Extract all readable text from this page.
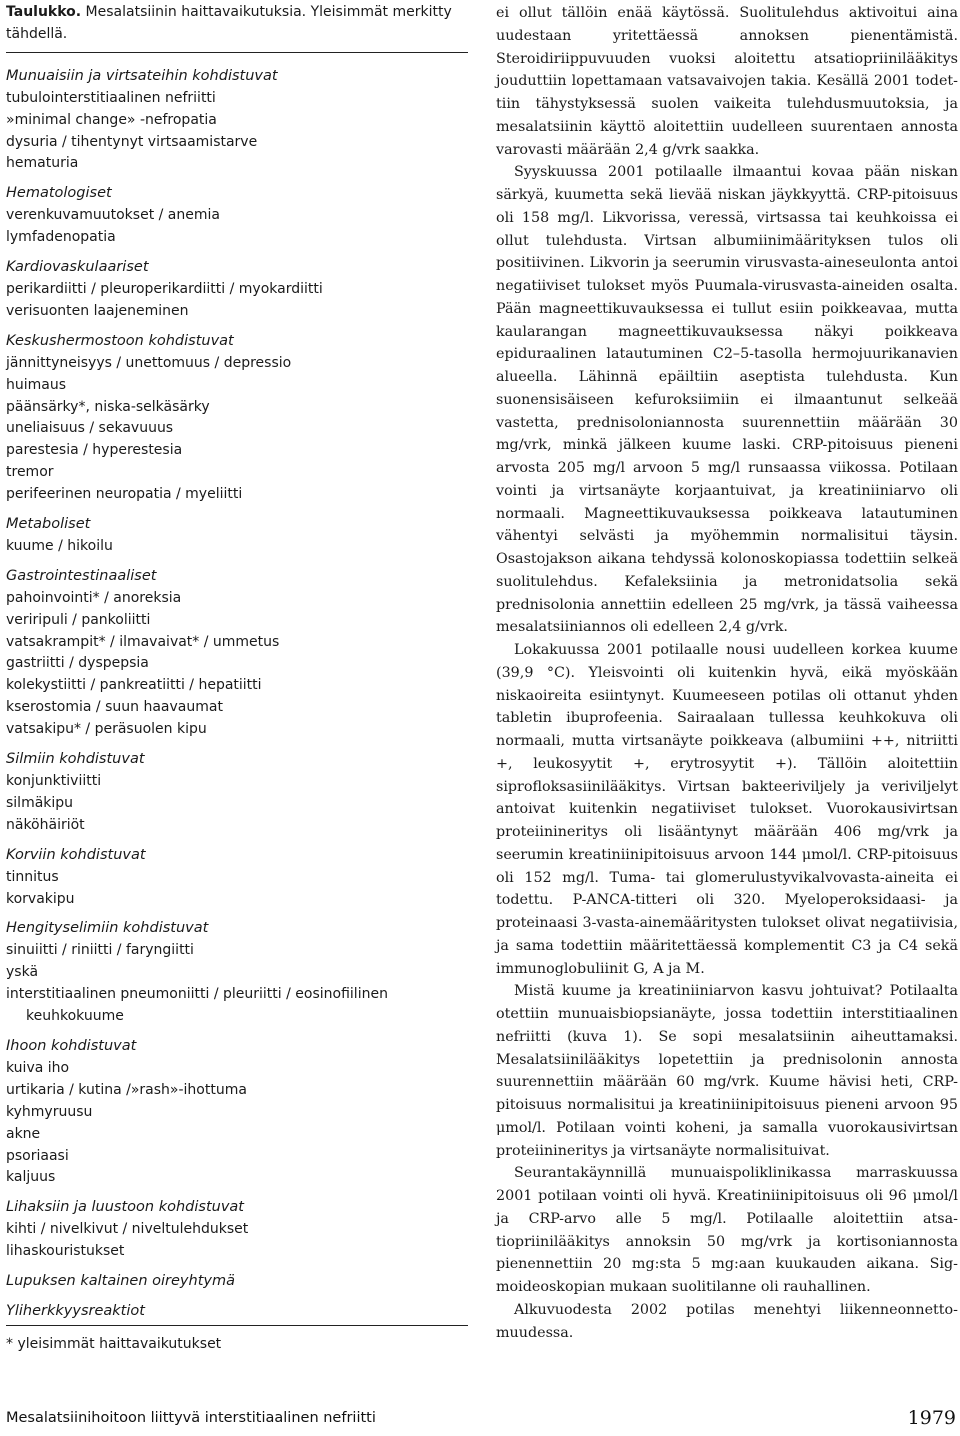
Taulukko. Mesalatsiinin haittavaikutuksia. Yleisimmät merkitty tähdellä.
Munuaisiin ja virtsateihin kohdistuvat
tubulointerstitiaalinen nefriitti
»minimal change» -nefropatia
dysuria / tihentynyt virtsaamistarve
hematuria
Hematologiset
verenkuvamuutokset / anemia
lymfadenopatia
Kardiovaskulaariset
perikardiitti / pleuroperikardiitti / myokardiitti
verisuonten laajeneminen
Keskushermostoon kohdistuvat
jännittyneisyys / unettomuus / depressio
huimaus
päänsärky*, niska-selkäsärky
uneliaisuus / sekavuuus
parestesia / hyperestesia
tremor
perifeerinen neuropatia / myeliitti
Metaboliset
kuume / hikoilu
Gastrointestinaaliset
pahoinvointi* / anoreksia
veriripuli / pankoliitti
vatsakrampit* / ilmavaivat* / ummetus
gastriitti / dyspepsia
kolekystiitti / pankreatiitti / hepatiitti
kserostomia / suun haavaumat
vatsakipu* / peräsuolen kipu
Silmiin kohdistuvat
konjunktiviitti
silmäkipu
näköhäiriöt
Korviin kohdistuvat
tinnitus
korvakipu
Hengityselimiin kohdistuvat
sinuiitti / riniitti / faryngiitti
yskä
interstitiaalinen pneumoniitti / pleuriitti / eosinofiilinen
keuhkokuume
Ihoon kohdistuvat
kuiva iho
urtikaria / kutina /»rash»-ihottuma
kyhmyruusu
akne
psoriaasi
kaljuus
Lihaksiin ja luustoon kohdistuvat
kihti / nivelkivut / niveltulehdukset
lihaskouristukset
Lupuksen kaltainen oireyhtymä
Yliherkkyysreaktiot
* yleisimmät haittavaikutukset

ei ollut tällöin enää käytössä. Suolitulehdus aktivoitui aina uudestaan yritettäessä annoksen pienentämistä. Steroidiriippuvuuden vuoksi aloitettu atsatiopriinilääkitys jouduttiin lopettamaan vatsavaivojen takia. Kesällä 2001 todettiin tähystyksessä suolen vaikeita tulehdusmuutoksia, ja mesalatsiinin käyttö aloitettiin uudelleen suurentaen annosta varovasti määrään 2,4 g/vrk saakka.

Syyskuussa 2001 potilaalle ilmaantui kovaa pään niskan särkyä, kuumetta sekä lievää niskan jäykkyyttä. CRP-pitoisuus oli 158 mg/l. Likvorissa, veressä, virtsassa tai keuhkoissa ei ollut tulehdusta. Virtsan albumiinimäärityksen tulos oli positiivinen. Likvorin ja seerumin virusvasta-aineseulonta antoi negatiiviset tulokset myös Puumala-virusvasta-aineiden osalta. Pään magneettikuvauksessa ei tullut esiin poikkeavaa, mutta kaularangan magneettikuvauksessa näkyi poikkeava epiduraalinen latautuminen C2–5-tasolla hermojuurikanavien alueella. Lähinnä epäiltiin aseptista tulehdusta. Kun suonensisäiseen kefuroksiimiin ei ilmaantunut selkeää vastetta, prednisoloniannosta suurennettiin määrään 30 mg/vrk, minkä jälkeen kuume laski. CRP-pitoisuus pieneni arvosta 205 mg/l arvoon 5 mg/l runsaassa viikossa. Potilaan vointi ja virtsanäyte korjaantuivat, ja kreatiniiniarvo oli normaali. Magneettikuvauksessa poikkeava latautuminen vähentyi selvästi ja myöhemmin normalisitui täysin. Osastojakson aikana tehdyssä kolonoskopiassa todettiin selkeä suolitulehdus. Kefaleksiinia ja metronidatsolia sekä prednisolonia annettiin edelleen 25 mg/vrk, ja tässä vaiheessa mesalatsiiniannos oli edelleen 2,4 g/vrk.

Lokakuussa 2001 potilaalle nousi uudelleen korkea kuume (39,9 °C). Yleisvointi oli kuitenkin hyvä, eikä myöskään niskaoireita esiintynyt. Kuumeeseen potilas oli ottanut yhden tabletin ibuprofeenia. Sairaalaan tullessa keuhkokuva oli normaali, mutta virtsanäyte poikkeava (albumiini ++, nitriitti +, leukosyytit +, erytrosyytit +). Tällöin aloitettiin siprofloksasiinilääkitys. Virtsan bakteeriviljely ja veriviljelyt antoivat kuitenkin negatiiviset tulokset. Vuorokausivirtsan proteiinineritys oli lisääntynyt määrään 406 mg/vrk ja seerumin kreatiniinipitoisuus arvoon 144 μmol/l. CRP-pitoisuus oli 152 mg/l. Tuma- tai glomerulustyvikalvovasta-aineita ei todettu. P-ANCA-titteri oli 320. Myeloperoksidaasi- ja proteinaasi 3-vasta-ainemääritysten tulokset olivat negatiivisia, ja sama todettiin määritettäessä komplementit C3 ja C4 sekä immunoglobuliinit G, A ja M.

Mistä kuume ja kreatiniiniarvon kasvu johtuivat? Potilaalta otettiin munuaisbiopsianäyte, jossa todettiin interstitiaalinen nefriitti (kuva 1). Se sopi mesalatsiinin aiheuttamaksi. Mesalatsiinilääkitys lopetettiin ja prednisolonin annosta suurennettiin määrään 60 mg/vrk. Kuume hävisi heti, CRP-pitoisuus normalisitui ja kreatiniinipitoisuus pieneni arvoon 95 μmol/l. Potilaan vointi koheni, ja samalla vuorokausivirtsan proteiinineritys ja virtsanäyte normalisituivat.

Seurantakäynnillä munuaispoliklinikassa marraskuussa 2001 potilaan vointi oli hyvä. Kreatiniinipitoisuus oli 96 μmol/l ja CRP-arvo alle 5 mg/l. Potilaalle aloitettiin atsatiopriinilääkitys annoksin 50 mg/vrk ja kortisoniannosta pienennettiin 20 mg:sta 5 mg:aan kuukauden aikana. Sigmoideoskopian mukaan suolitilanne oli rauhallinen.

Alkuvuodesta 2002 potilas menehtyi liikenneonnettomuudessa.

Mesalatsiinihoitoon liittyvä interstitiaalinen nefriitti	1979
